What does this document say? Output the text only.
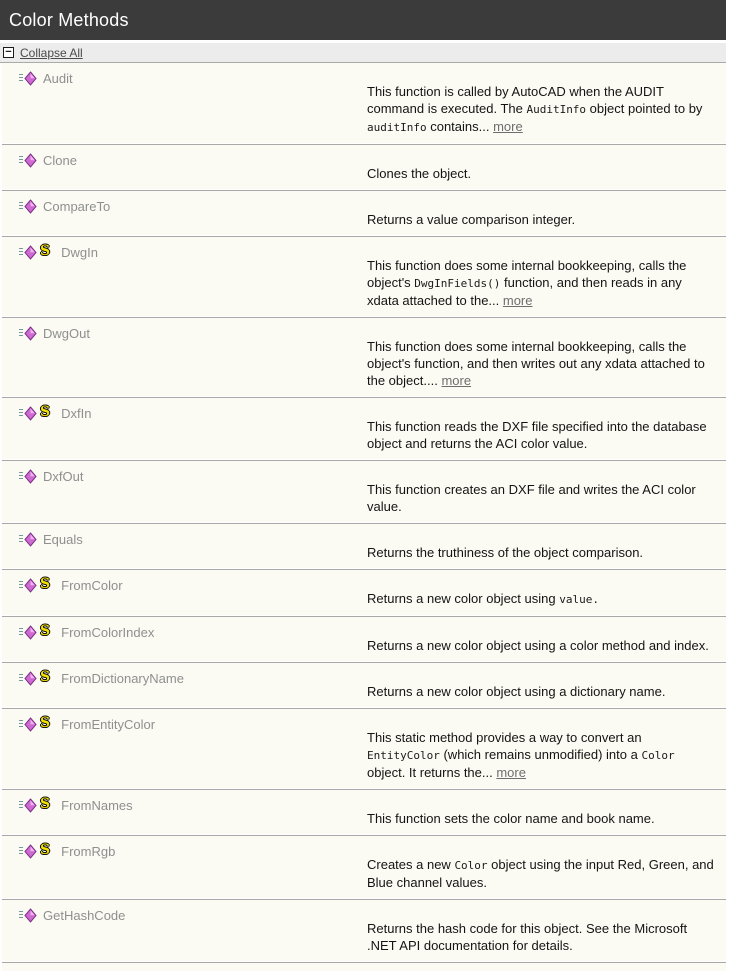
Color Methods
− Collapse All
Audit
This function is called by AutoCAD when the AUDIT command is executed. The AuditInfo object pointed to by auditInfo contains... more
Clone
Clones the object.
CompareTo
Returns a value comparison integer.
S DwgIn
This function does some internal bookkeeping, calls the object's DwgInFields() function, and then reads in any xdata attached to the... more
DwgOut
This function does some internal bookkeeping, calls the object's function, and then writes out any xdata attached to the object.... more
S DxfIn
This function reads the DXF file specified into the database object and returns the ACI color value.
DxfOut
This function creates an DXF file and writes the ACI color value.
Equals
Returns the truthiness of the object comparison.
S FromColor
Returns a new color object using value.
S FromColorIndex
Returns a new color object using a color method and index.
S FromDictionaryName
Returns a new color object using a dictionary name.
S FromEntityColor
This static method provides a way to convert an EntityColor (which remains unmodified) into a Color object. It returns the... more
S FromNames
This function sets the color name and book name.
S FromRgb
Creates a new Color object using the input Red, Green, and Blue channel values.
GetHashCode
Returns the hash code for this object. See the Microsoft .NET API documentation for details.
